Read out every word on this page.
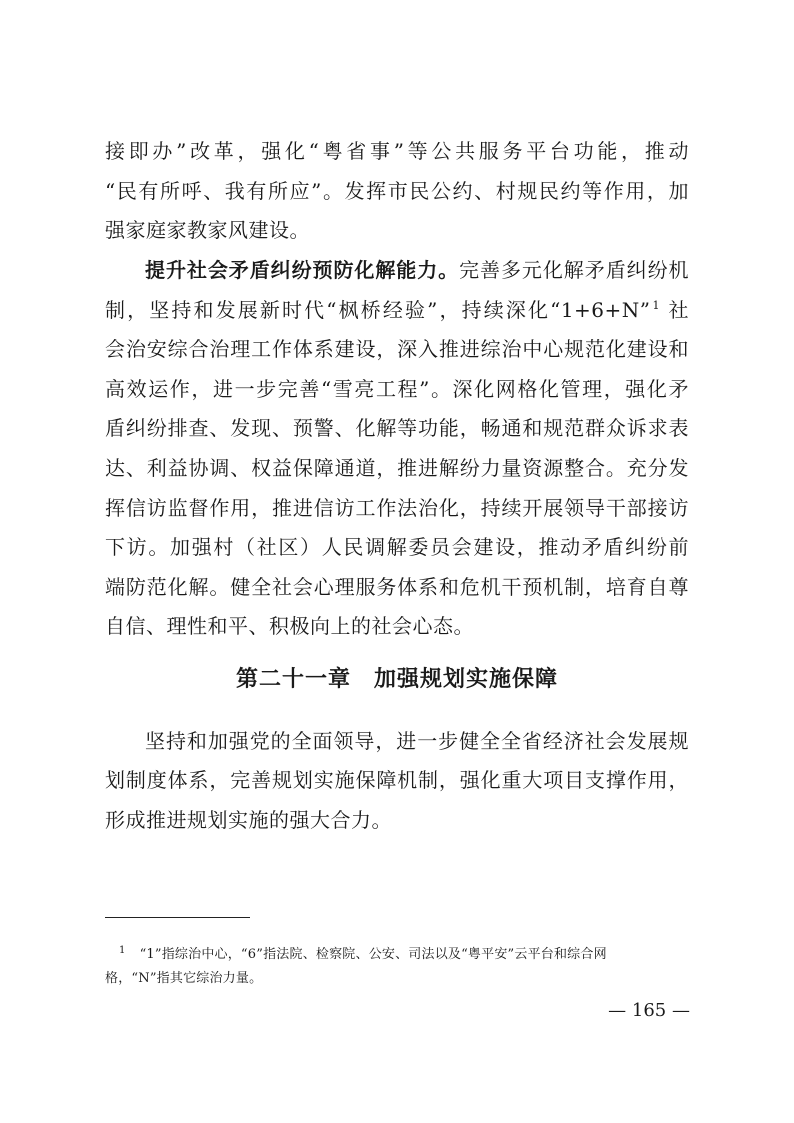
接即办”改革，强化“粤省事”等公共服务平台功能，推动
“民有所呼、我有所应”。发挥市民公约、村规民约等作用，加
强家庭家教家风建设。
提升社会矛盾纠纷预防化解能力。完善多元化解矛盾纠纷机
制，坚持和发展新时代“枫桥经验”，持续深化“1+6+N” $^1$ 社
会治安综合治理工作体系建设，深入推进综治中心规范化建设和
高效运作，进一步完善“雪亮工程”。深化网格化管理，强化矛
盾纠纷排查、发现、预警、化解等功能，畅通和规范群众诉求表
达、利益协调、权益保障通道，推进解纷力量资源整合。充分发
挥信访监督作用，推进信访工作法治化，持续开展领导干部接访
下访。加强村（社区）人民调解委员会建设，推动矛盾纠纷前
端防范化解。健全社会心理服务体系和危机干预机制，培育自尊
自信、理性和平、积极向上的社会心态。
第二十一章　 加强规划实施保障
坚持和加强党的全面领导，进一步健全全省经济社会发展规
划制度体系，完善规划实施保障机制，强化重大项目支撑作用，
形成推进规划实施的强大合力。
$^1$ “1”指综治中心，“6”指法院、检察院、公安、司法以及“粤平安”云平台和综合网
格，“N”指其它综治力量。
— 165 —
